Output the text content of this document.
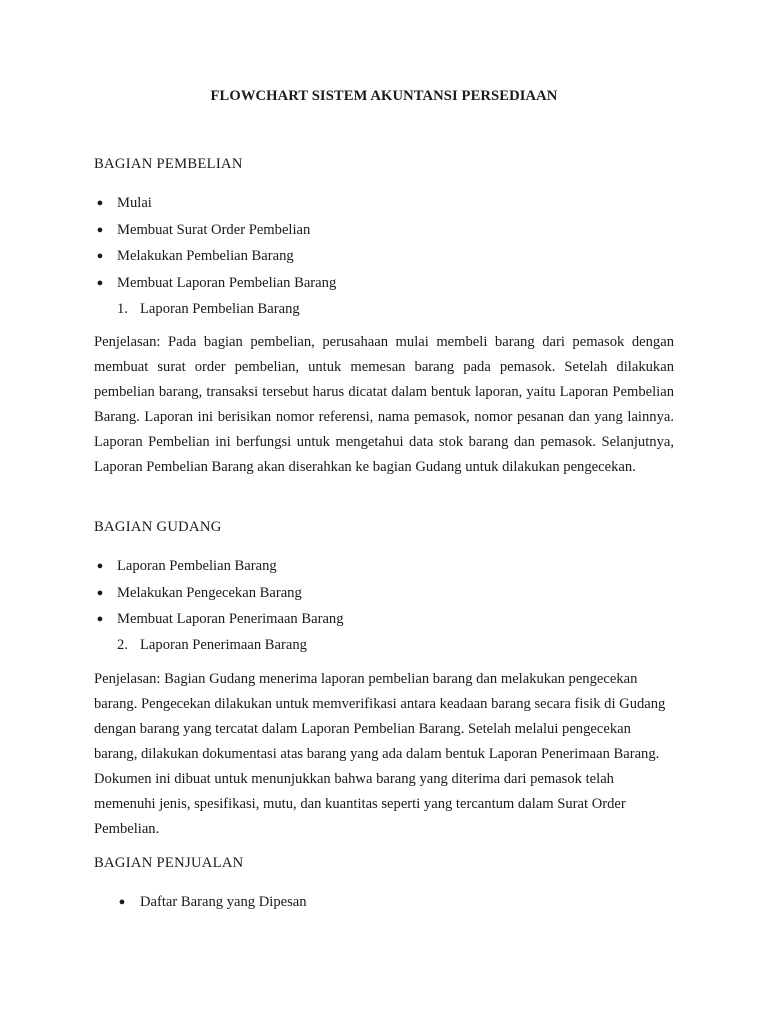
FLOWCHART SISTEM AKUNTANSI PERSEDIAAN
BAGIAN PEMBELIAN
● Mulai
● Membuat Surat Order Pembelian
● Melakukan Pembelian Barang
● Membuat Laporan Pembelian Barang
1. Laporan Pembelian Barang

Penjelasan: Pada bagian pembelian, perusahaan mulai membeli barang dari pemasok dengan membuat surat order pembelian, untuk memesan barang pada pemasok. Setelah dilakukan pembelian barang, transaksi tersebut harus dicatat dalam bentuk laporan, yaitu Laporan Pembelian Barang. Laporan ini berisikan nomor referensi, nama pemasok, nomor pesanan dan yang lainnya. Laporan Pembelian ini berfungsi untuk mengetahui data stok barang dan pemasok. Selanjutnya, Laporan Pembelian Barang akan diserahkan ke bagian Gudang untuk dilakukan pengecekan.

BAGIAN GUDANG
● Laporan Pembelian Barang
● Melakukan Pengecekan Barang
● Membuat Laporan Penerimaan Barang
2. Laporan Penerimaan Barang

Penjelasan: Bagian Gudang menerima laporan pembelian barang dan melakukan pengecekan barang. Pengecekan dilakukan untuk memverifikasi antara keadaan barang secara fisik di Gudang dengan barang yang tercatat dalam Laporan Pembelian Barang. Setelah melalui pengecekan barang, dilakukan dokumentasi atas barang yang ada dalam bentuk Laporan Penerimaan Barang. Dokumen ini dibuat untuk menunjukkan bahwa barang yang diterima dari pemasok telah memenuhi jenis, spesifikasi, mutu, dan kuantitas seperti yang tercantum dalam Surat Order Pembelian.

BAGIAN PENJUALAN
● Daftar Barang yang Dipesan
